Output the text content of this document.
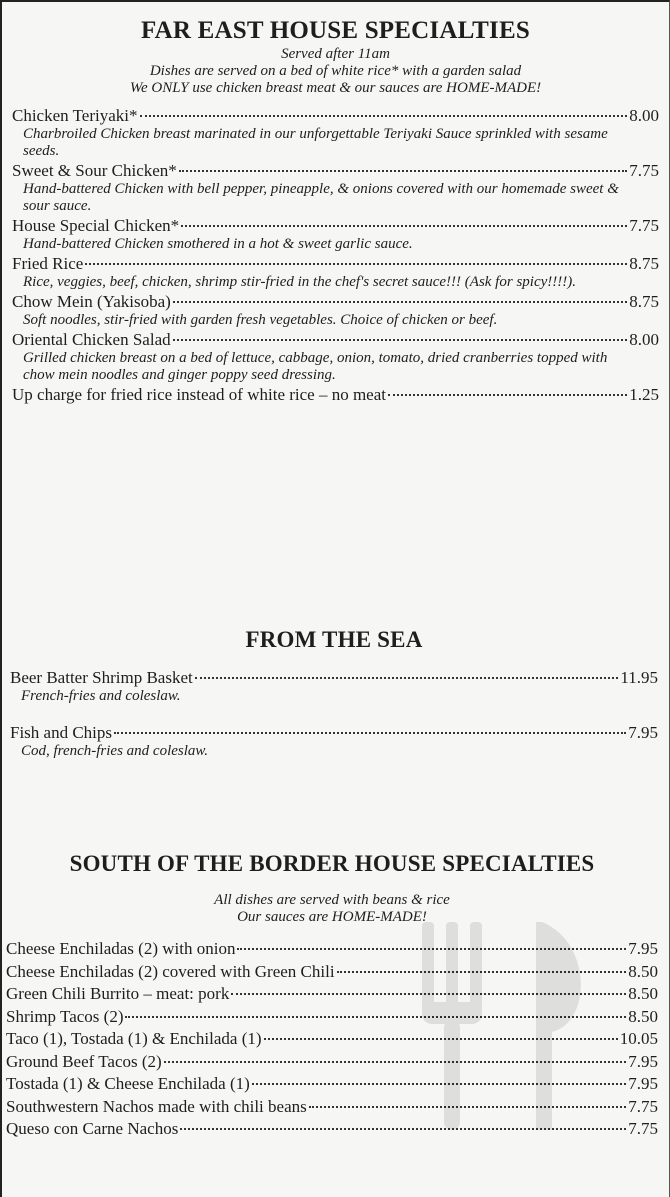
FAR EAST HOUSE SPECIALTIES
Served after 11am
Dishes are served on a bed of white rice* with a garden salad
We ONLY use chicken breast meat & our sauces are HOME-MADE!
Chicken Teriyaki*	8.00
Charbroiled Chicken breast marinated in our unforgettable Teriyaki Sauce sprinkled with sesame seeds.
Sweet & Sour Chicken*	7.75
Hand-battered Chicken with bell pepper, pineapple, & onions covered with our homemade sweet & sour sauce.
House Special Chicken*	7.75
Hand-battered Chicken smothered in a hot & sweet garlic sauce.
Fried Rice	8.75
Rice, veggies, beef, chicken, shrimp stir-fried in the chef's secret sauce!!! (Ask for spicy!!!!).
Chow Mein (Yakisoba)	8.75
Soft noodles, stir-fried with garden fresh vegetables. Choice of chicken or beef.
Oriental Chicken Salad	8.00
Grilled chicken breast on a bed of lettuce, cabbage, onion, tomato, dried cranberries topped with chow mein noodles and ginger poppy seed dressing.
Up charge for fried rice instead of white rice – no meat	1.25
FROM THE SEA
Beer Batter Shrimp Basket	11.95
French-fries and coleslaw.
Fish and Chips	7.95
Cod, french-fries and coleslaw.
SOUTH OF THE BORDER HOUSE SPECIALTIES
All dishes are served with beans & rice
Our sauces are HOME-MADE!
Cheese Enchiladas (2) with onion	7.95
Cheese Enchiladas (2) covered with Green Chili	8.50
Green Chili Burrito – meat: pork	8.50
Shrimp Tacos (2)	8.50
Taco (1), Tostada (1) & Enchilada (1)	10.05
Ground Beef Tacos (2)	7.95
Tostada (1) & Cheese Enchilada (1)	7.95
Southwestern Nachos made with chili beans	7.75
Queso con Carne Nachos	7.75
